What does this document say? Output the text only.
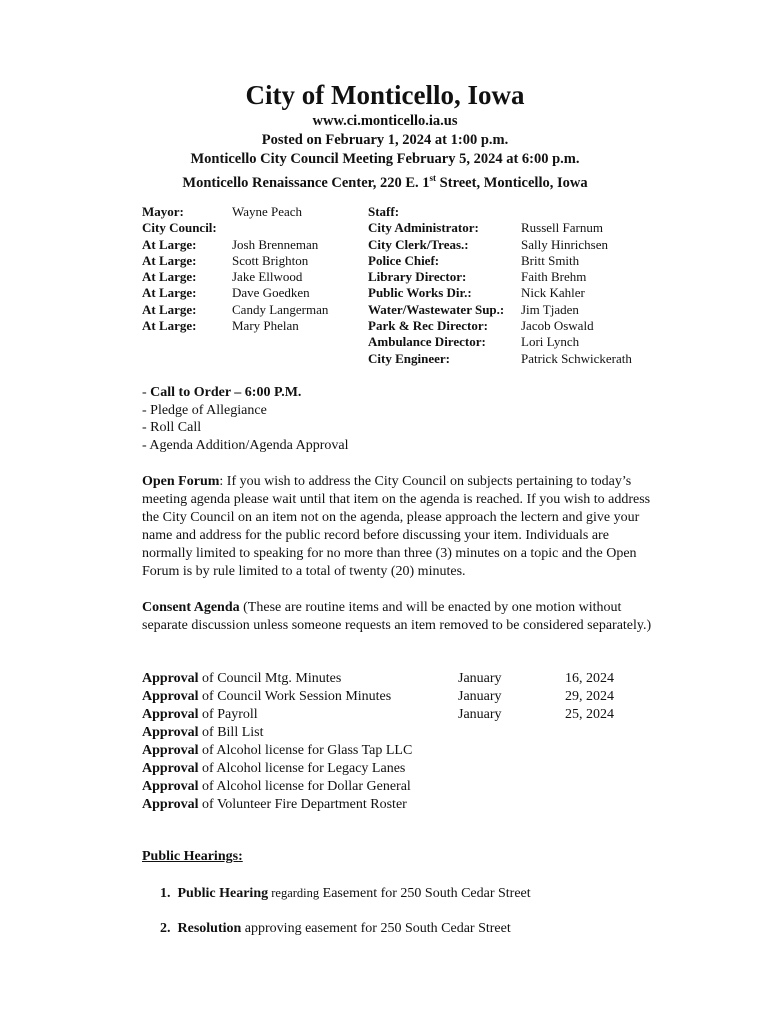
City of Monticello, Iowa
www.ci.monticello.ia.us
Posted on February 1, 2024 at 1:00 p.m.
Monticello City Council Meeting February 5, 2024 at 6:00 p.m.
Monticello Renaissance Center, 220 E. 1st Street, Monticello, Iowa
Mayor:	Wayne Peach
City Council:
At Large:	Josh Brenneman
At Large:	Scott Brighton
At Large:	Jake Ellwood
At Large:	Dave Goedken
At Large:	Candy Langerman
At Large:	Mary Phelan
Staff:
City Administrator:	Russell Farnum
City Clerk/Treas.:	Sally Hinrichsen
Police Chief:	Britt Smith
Library Director:	Faith Brehm
Public Works Dir.:	Nick Kahler
Water/Wastewater Sup.:	Jim Tjaden
Park & Rec Director:	Jacob Oswald
Ambulance Director:	Lori Lynch
City Engineer:	Patrick Schwickerath
- Call to Order – 6:00 P.M.
- Pledge of Allegiance
- Roll Call
- Agenda Addition/Agenda Approval
Open Forum: If you wish to address the City Council on subjects pertaining to today’s meeting agenda please wait until that item on the agenda is reached. If you wish to address the City Council on an item not on the agenda, please approach the lectern and give your name and address for the public record before discussing your item. Individuals are normally limited to speaking for no more than three (3) minutes on a topic and the Open Forum is by rule limited to a total of twenty (20) minutes.
Consent Agenda (These are routine items and will be enacted by one motion without separate discussion unless someone requests an item removed to be considered separately.)
Approval of Council Mtg. Minutes	January	16, 2024
Approval of Council Work Session Minutes	January	29, 2024
Approval of Payroll	January	25, 2024
Approval of Bill List
Approval of Alcohol license for Glass Tap LLC
Approval of Alcohol license for Legacy Lanes
Approval of Alcohol license for Dollar General
Approval of Volunteer Fire Department Roster
Public Hearings:
1. Public Hearing regarding Easement for 250 South Cedar Street
2. Resolution approving easement for 250 South Cedar Street
